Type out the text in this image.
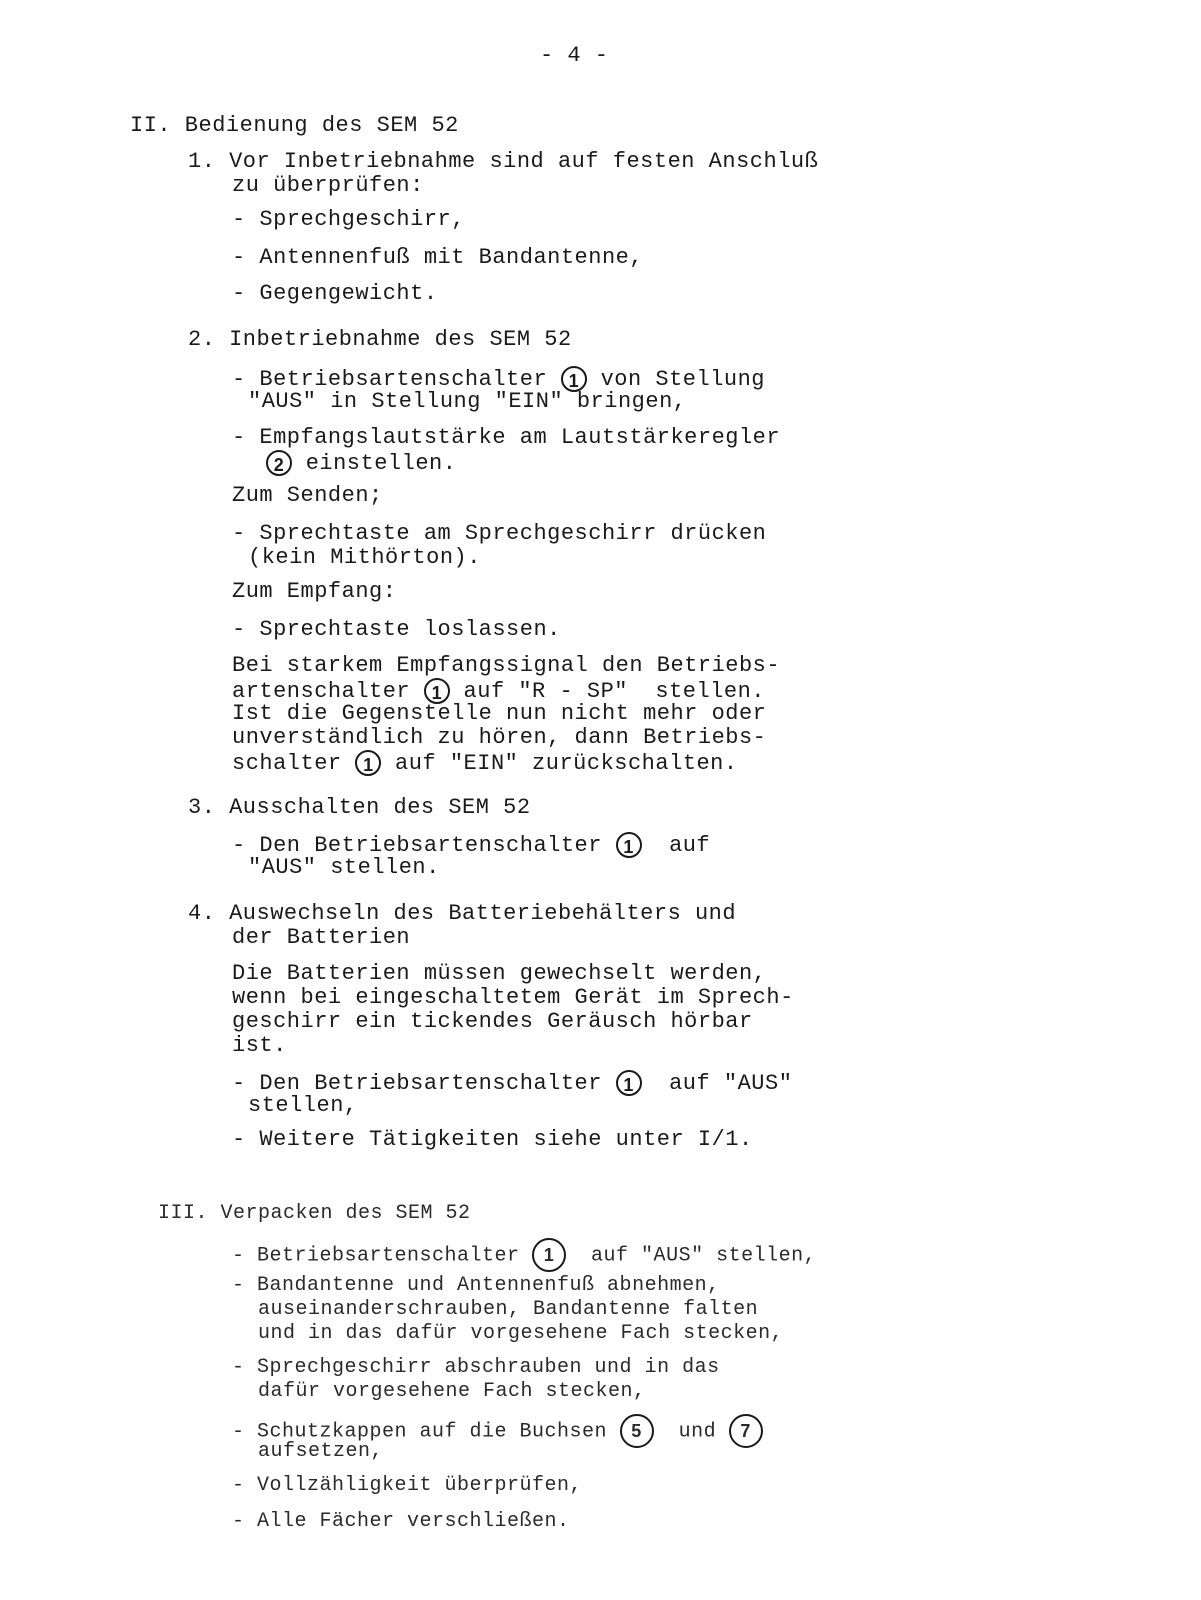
- 4 -
II. Bedienung des SEM 52
1. Vor Inbetriebnahme sind auf festen Anschluß
zu überprüfen:
- Sprechgeschirr,
- Antennenfuß mit Bandantenne,
- Gegengewicht.
2. Inbetriebnahme des SEM 52
- Betriebsartenschalter 1 von Stellung
"AUS" in Stellung "EIN" bringen,
- Empfangslautstärke am Lautstärkeregler
2 einstellen.
Zum Senden;
- Sprechtaste am Sprechgeschirr drücken
(kein Mithörton).
Zum Empfang:
- Sprechtaste loslassen.
Bei starkem Empfangssignal den Betriebs-
artenschalter 1 auf "R - SP"  stellen.
Ist die Gegenstelle nun nicht mehr oder
unverständlich zu hören, dann Betriebs-
schalter 1 auf "EIN" zurückschalten.
3. Ausschalten des SEM 52
- Den Betriebsartenschalter 1  auf
"AUS" stellen.
4. Auswechseln des Batteriebehälters und
der Batterien
Die Batterien müssen gewechselt werden,
wenn bei eingeschaltetem Gerät im Sprech-
geschirr ein tickendes Geräusch hörbar
ist.
- Den Betriebsartenschalter 1  auf "AUS"
stellen,
- Weitere Tätigkeiten siehe unter I/1.
III. Verpacken des SEM 52
- Betriebsartenschalter 1  auf "AUS" stellen,
- Bandantenne und Antennenfuß abnehmen,
auseinanderschrauben, Bandantenne falten
und in das dafür vorgesehene Fach stecken,
- Sprechgeschirr abschrauben und in das
dafür vorgesehene Fach stecken,
- Schutzkappen auf die Buchsen 5  und 7
aufsetzen,
- Vollzähligkeit überprüfen,
- Alle Fächer verschließen.
